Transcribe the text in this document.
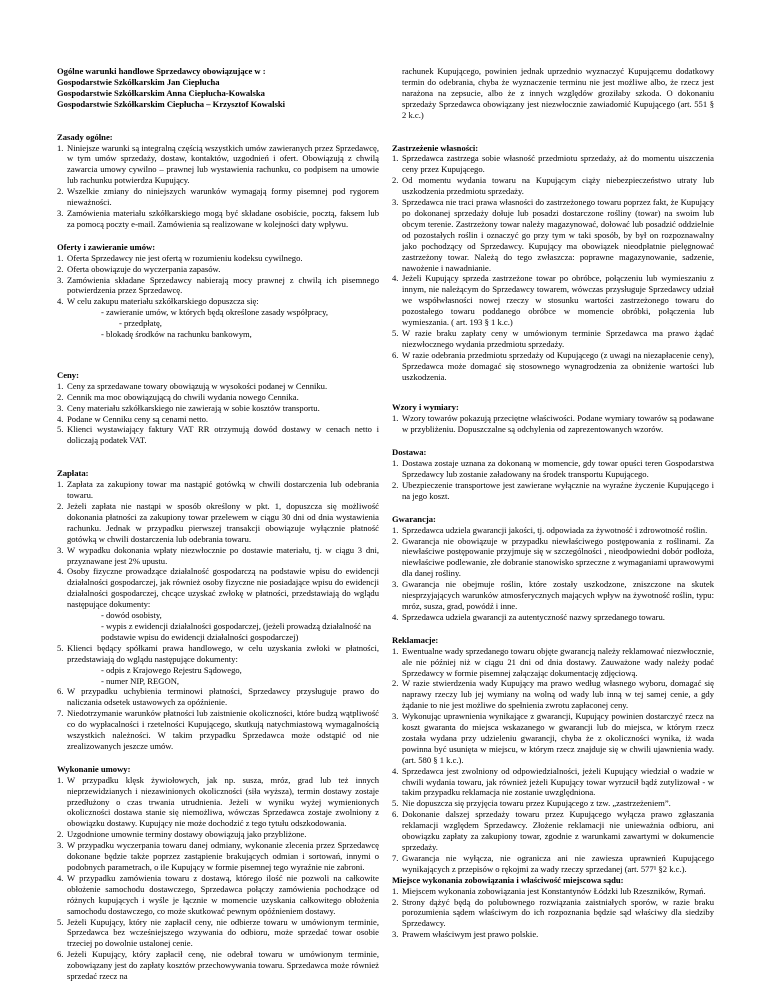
Ogólne warunki handlowe Sprzedawcy obowiązujące w :
Gospodarstwie Szkółkarskim Jan Ciepłucha
Gospodarstwie Szkółkarskim Anna Ciepłucha-Kowalska
Gospodarstwie Szkółkarskim Ciepłucha – Krzysztof Kowalski
Zasady ogólne:
1. Niniejsze warunki są integralną częścią wszystkich umów zawieranych przez Sprzedawcę, w tym umów sprzedaży, dostaw, kontaktów, uzgodnień i ofert. Obowiązują z chwilą zawarcia umowy cywilno – prawnej lub wystawienia rachunku, co podpisem na umowie lub rachunku potwierdza Kupujący.
2. Wszelkie zmiany do niniejszych warunków wymagają formy pisemnej pod rygorem nieważności.
3. Zamówienia materiału szkółkarskiego mogą być składane osobiście, pocztą, faksem lub za pomocą poczty e-mail. Zamówienia są realizowane w kolejności daty wpływu.
Oferty i zawieranie umów:
1. Oferta Sprzedawcy nie jest ofertą w rozumieniu kodeksu cywilnego.
2. Oferta obowiązuje do wyczerpania zapasów.
3. Zamówienia składane Sprzedawcy nabierają mocy prawnej z chwilą ich pisemnego potwierdzenia przez Sprzedawcę.
4. W celu zakupu materiału szkółkarskiego dopuszcza się:
- zawieranie umów, w których będą określone zasady współpracy,
- przedpłatę,
- blokadę środków na rachunku bankowym,
Ceny:
1. Ceny za sprzedawane towary obowiązują w wysokości podanej w Cenniku.
2. Cennik ma moc obowiązującą do chwili wydania nowego Cennika.
3. Ceny materiału szkółkarskiego nie zawierają w sobie kosztów transportu.
4. Podane w Cenniku ceny są cenami netto.
5. Klienci wystawiający faktury VAT RR otrzymują dowód dostawy w cenach netto i doliczają podatek VAT.
Zapłata:
1. Zapłata za zakupiony towar ma nastąpić gotówką w chwili dostarczenia lub odebrania towaru.
2. Jeżeli zapłata nie nastąpi w sposób określony w pkt. 1, dopuszcza się możliwość dokonania płatności za zakupiony towar przelewem w ciągu 30 dni od dnia wystawienia rachunku. Jednak w przypadku pierwszej transakcji obowiązuje wyłącznie płatność gotówką w chwili dostarczenia lub odebrania towaru.
3. W wypadku dokonania wpłaty niezwłocznie po dostawie materiału, tj. w ciągu 3 dni, przyznawane jest 2% upustu.
4. Osoby fizyczne prowadzące działalność gospodarczą na podstawie wpisu do ewidencji działalności gospodarczej, jak również osoby fizyczne nie posiadające wpisu do ewidencji działalności gospodarczej, chcące uzyskać zwłokę w płatności, przedstawiają do wglądu następujące dokumenty:
- dowód osobisty,
- wypis z ewidencji działalności gospodarczej, (jeżeli prowadzą działalność na podstawie wpisu do ewidencji działalności gospodarczej)
5. Klienci będący spółkami prawa handlowego, w celu uzyskania zwłoki w płatności, przedstawiają do wglądu następujące dokumenty:
- odpis z Krajowego Rejestru Sądowego,
- numer NIP, REGON,
6. W przypadku uchybienia terminowi płatności, Sprzedawcy przysługuje prawo do naliczania odsetek ustawowych za opóźnienie.
7. Niedotrzymanie warunków płatności lub zaistnienie okoliczności, które budzą wątpliwość co do wypłacalności i rzetelności Kupującego, skutkują natychmiastową wymagalnością wszystkich należności. W takim przypadku Sprzedawca może odstąpić od nie zrealizowanych jeszcze umów.
Wykonanie umowy:
1. W przypadku klęsk żywiołowych, jak np. susza, mróz, grad lub też innych nieprzewidzianych i niezawinionych okoliczności (siła wyższa), termin dostawy zostaje przedłużony o czas trwania utrudnienia. Jeżeli w wyniku wyżej wymienionych okoliczności dostawa stanie się niemożliwa, wówczas Sprzedawca zostaje zwolniony z obowiązku dostawy. Kupujący nie może dochodzić z tego tytułu odszkodowania.
2. Uzgodnione umownie terminy dostawy obowiązują jako przybliżone.
3. W przypadku wyczerpania towaru danej odmiany, wykonanie zlecenia przez Sprzedawcę dokonane będzie także poprzez zastąpienie brakujących odmian i sortowań, innymi o podobnych parametrach, o ile Kupujący w formie pisemnej tego wyraźnie nie zabroni.
4. W przypadku zamówienia towaru z dostawą, którego ilość nie pozwoli na całkowite obłożenie samochodu dostawczego, Sprzedawca połączy zamówienia pochodzące od różnych kupujących i wyśle je łącznie w momencie uzyskania całkowitego obłożenia samochodu dostawczego, co może skutkować pewnym opóźnieniem dostawy.
5. Jeżeli Kupujący, który nie zapłacił ceny, nie odbierze towaru w umówionym terminie, Sprzedawca bez wcześniejszego wzywania do odbioru, może sprzedać towar osobie trzeciej po dowolnie ustalonej cenie.
6. Jeżeli Kupujący, który zapłacił cenę, nie odebrał towaru w umówionym terminie, zobowiązany jest do zapłaty kosztów przechowywania towaru. Sprzedawca może również sprzedać rzecz na

rachunek Kupującego, powinien jednak uprzednio wyznaczyć Kupującemu dodatkowy termin do odebrania, chyba że wyznaczenie terminu nie jest możliwe albo, że rzecz jest narażona na zepsucie, albo że z innych względów groziłaby szkoda. O dokonaniu sprzedaży Sprzedawca obowiązany jest niezwłocznie zawiadomić Kupującego (art. 551 § 2 k.c.)

Zastrzeżenie własności:
1. Sprzedawca zastrzega sobie własność przedmiotu sprzedaży, aż do momentu uiszczenia ceny przez Kupującego.
2. Od momentu wydania towaru na Kupującym ciąży niebezpieczeństwo utraty lub uszkodzenia przedmiotu sprzedaży.
3. Sprzedawca nie traci prawa własności do zastrzeżonego towaru poprzez fakt, że Kupujący po dokonanej sprzedaży dołuje lub posadzi dostarczone rośliny (towar) na swoim lub obcym terenie. Zastrzeżony towar należy magazynować, dołować lub posadzić oddzielnie od pozostałych roślin i oznaczyć go przy tym w taki sposób, by był on rozpoznawalny jako pochodzący od Sprzedawcy. Kupujący ma obowiązek nieodpłatnie pielęgnować zastrzeżony towar. Należą do tego zwłaszcza: poprawne magazynowanie, sadzenie, nawożenie i nawadnianie.
4. Jeżeli Kupujący sprzeda zastrzeżone towar po obróbce, połączeniu lub wymieszaniu z innym, nie należącym do Sprzedawcy towarem, wówczas przysługuje Sprzedawcy udział we współwłasności nowej rzeczy w stosunku wartości zastrzeżonego towaru do pozostałego towaru poddanego obróbce w momencie obróbki, połączenia lub wymieszania. ( art. 193 § 1 k.c.)
5. W razie braku zapłaty ceny w umówionym terminie Sprzedawca ma prawo żądać niezwłocznego wydania przedmiotu sprzedaży.
6. W razie odebrania przedmiotu sprzedaży od Kupującego (z uwagi na niezapłacenie ceny), Sprzedawca może domagać się stosownego wynagrodzenia za obniżenie wartości lub uszkodzenia.
Wzory i wymiary:
1. Wzory towarów pokazują przeciętne właściwości. Podane wymiary towarów są podawane w przybliżeniu. Dopuszczalne są odchylenia od zaprezentowanych wzorów.
Dostawa:
1. Dostawa zostaje uznana za dokonaną w momencie, gdy towar opuści teren Gospodarstwa Sprzedawcy lub zostanie załadowany na środek transportu Kupującego.
2. Ubezpieczenie transportowe jest zawierane wyłącznie na wyraźne życzenie Kupującego i na jego koszt.
Gwarancja:
1. Sprzedawca udziela gwarancji jakości, tj. odpowiada za żywotność i zdrowotność roślin.
2. Gwarancja nie obowiązuje w przypadku niewłaściwego postępowania z roślinami. Za niewłaściwe postępowanie przyjmuje się w szczególności , nieodpowiedni dobór podłoża, niewłaściwe podlewanie, złe dobranie stanowisko sprzeczne z wymaganiami uprawowymi dla danej rośliny.
3. Gwarancja nie obejmuje roślin, które zostały uszkodzone, zniszczone na skutek niesprzyjających warunków atmosferycznych mających wpływ na żywotność roślin, typu: mróz, susza, grad, powódź i inne.
4. Sprzedawca udziela gwarancji za autentyczność nazwy sprzedanego towaru.
Reklamacje:
1. Ewentualne wady sprzedanego towaru objęte gwarancją należy reklamować niezwłocznie, ale nie później niż w ciągu 21 dni od dnia dostawy. Zauważone wady należy podać Sprzedawcy w formie pisemnej załączając dokumentację zdjęciową.
2. W razie stwierdzenia wady Kupujący ma prawo według własnego wyboru, domagać się naprawy rzeczy lub jej wymiany na wolną od wady lub inną w tej samej cenie, a gdy żądanie to nie jest możliwe do spełnienia zwrotu zapłaconej ceny.
3. Wykonując uprawnienia wynikające z gwarancji, Kupujący powinien dostarczyć rzecz na koszt gwaranta do miejsca wskazanego w gwarancji lub do miejsca, w którym rzecz została wydana przy udzieleniu gwarancji, chyba że z okoliczności wynika, iż wada powinna być usunięta w miejscu, w którym rzecz znajduje się w chwili ujawnienia wady. (art. 580 § 1 k.c.).
4. Sprzedawca jest zwolniony od odpowiedzialności, jeżeli Kupujący wiedział o wadzie w chwili wydania towaru, jak również jeżeli Kupujący towar wyrzucił bądź zutylizował - w takim przypadku reklamacja nie zostanie uwzględniona.
5. Nie dopuszcza się przyjęcia towaru przez Kupującego z tzw. „zastrzeżeniem”.
6. Dokonanie dalszej sprzedaży towaru przez Kupującego wyłącza prawo zgłaszania reklamacji względem Sprzedawcy. Złożenie reklamacji nie unieważnia odbioru, ani obowiązku zapłaty za zakupiony towar, zgodnie z warunkami zawartymi w dokumencie sprzedaży.
7. Gwarancja nie wyłącza, nie ogranicza ani nie zawiesza uprawnień Kupującego wynikających z przepisów o rękojmi za wady rzeczy sprzedanej (art. 577¹ §2 k.c.).
Miejsce wykonania zobowiązania i właściwość miejscowa sądu:
1. Miejscem wykonania zobowiązania jest Konstantynów Łódzki lub Rzeszników, Rymań.
2. Strony dążyć będą do polubownego rozwiązania zaistniałych sporów, w razie braku porozumienia sądem właściwym do ich rozpoznania będzie sąd właściwy dla siedziby Sprzedawcy.
3. Prawem właściwym jest prawo polskie.
